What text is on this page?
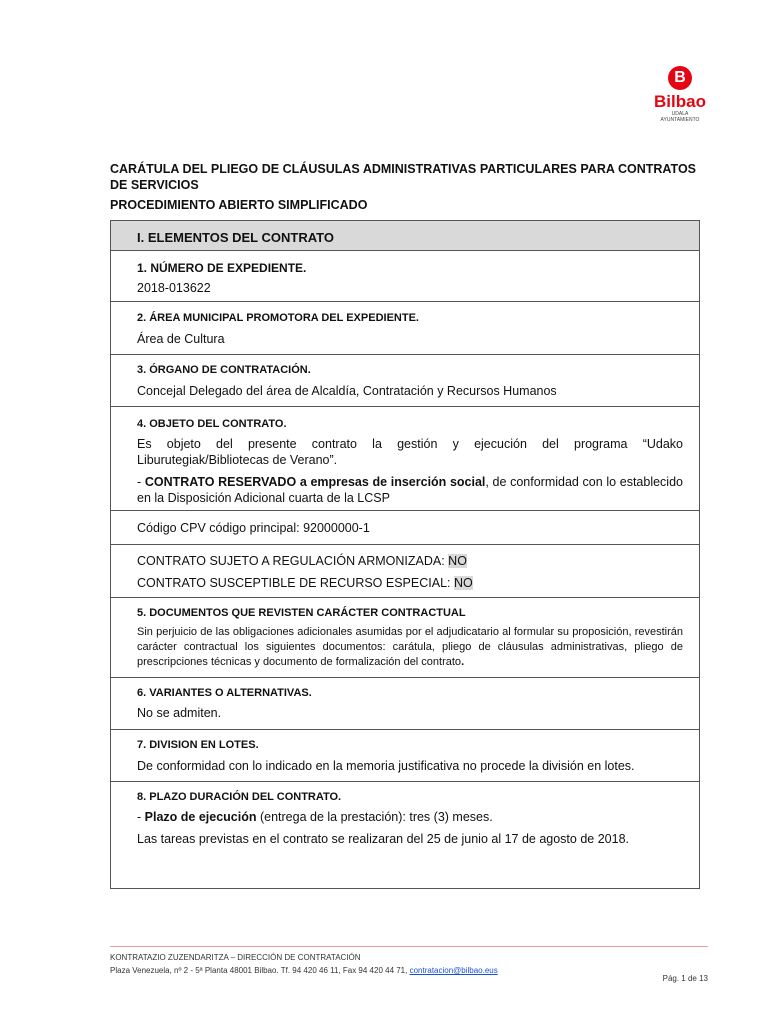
B
Bilbao
UDALA
AYUNTAMIENTO
CARÁTULA DEL PLIEGO DE CLÁUSULAS ADMINISTRATIVAS PARTICULARES PARA CONTRATOS DE SERVICIOS
PROCEDIMIENTO ABIERTO SIMPLIFICADO
I. ELEMENTOS DEL CONTRATO
1. NÚMERO DE EXPEDIENTE.
2018-013622
2. ÁREA MUNICIPAL PROMOTORA DEL EXPEDIENTE.
Área de Cultura
3. ÓRGANO DE CONTRATACIÓN.
Concejal Delegado del área de Alcaldía, Contratación y Recursos Humanos
4. OBJETO DEL CONTRATO.
Es objeto del presente contrato la gestión y ejecución del programa “Udako Liburutegiak/Bibliotecas de Verano”.
- CONTRATO RESERVADO a empresas de inserción social, de conformidad con lo establecido en la Disposición Adicional cuarta de la LCSP
Código CPV código principal: 92000000-1
CONTRATO SUJETO A REGULACIÓN ARMONIZADA: NO
CONTRATO SUSCEPTIBLE DE RECURSO ESPECIAL: NO
5. DOCUMENTOS QUE REVISTEN CARÁCTER CONTRACTUAL
Sin perjuicio de las obligaciones adicionales asumidas por el adjudicatario al formular su proposición, revestirán carácter contractual los siguientes documentos: carátula, pliego de cláusulas administrativas, pliego de prescripciones técnicas y documento de formalización del contrato.
6. VARIANTES O ALTERNATIVAS.
No se admiten.
7. DIVISION EN LOTES.
De conformidad con lo indicado en la memoria justificativa no procede la división en lotes.
8. PLAZO DURACIÓN DEL CONTRATO.
- Plazo de ejecución (entrega de la prestación): tres (3) meses.
Las tareas previstas en el contrato se realizaran del 25 de junio al 17 de agosto de 2018.
KONTRATAZIO ZUZENDARITZA – DIRECCIÓN DE CONTRATACIÓN
Plaza Venezuela, nº 2 - 5ª Planta 48001 Bilbao. Tf. 94 420 46 11, Fax 94 420 44 71, contratacion@bilbao.eus
Pág. 1 de 13
